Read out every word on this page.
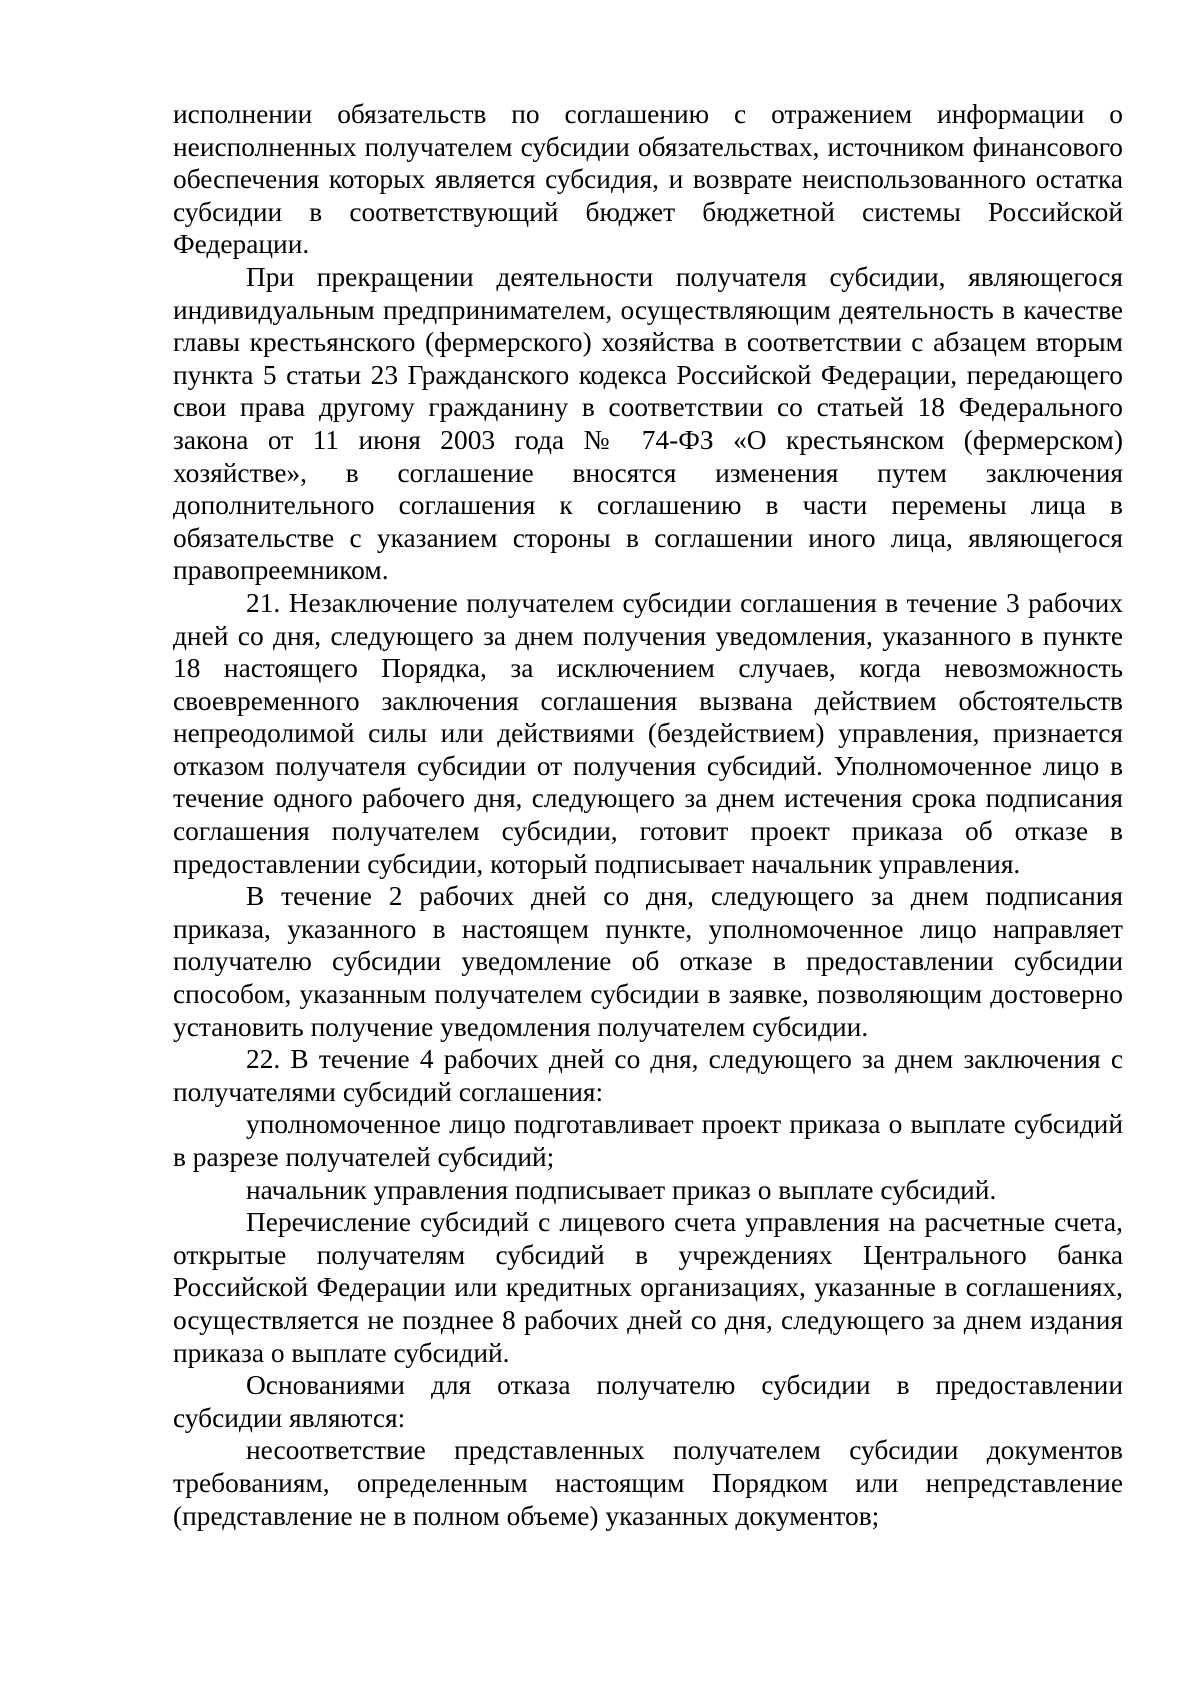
исполнении обязательств по соглашению с отражением информации о неисполненных получателем субсидии обязательствах, источником финансового обеспечения которых является субсидия, и возврате неиспользованного остатка субсидии в соответствующий бюджет бюджетной системы Российской Федерации.

При прекращении деятельности получателя субсидии, являющегося индивидуальным предпринимателем, осуществляющим деятельность в качестве главы крестьянского (фермерского) хозяйства в соответствии с абзацем вторым пункта 5 статьи 23 Гражданского кодекса Российской Федерации, передающего свои права другому гражданину в соответствии со статьей 18 Федерального закона от 11 июня 2003 года № 74-ФЗ «О крестьянском (фермерском) хозяйстве», в соглашение вносятся изменения путем заключения дополнительного соглашения к соглашению в части перемены лица в обязательстве с указанием стороны в соглашении иного лица, являющегося правопреемником.

21. Незаключение получателем субсидии соглашения в течение 3 рабочих дней со дня, следующего за днем получения уведомления, указанного в пункте 18 настоящего Порядка, за исключением случаев, когда невозможность своевременного заключения соглашения вызвана действием обстоятельств непреодолимой силы или действиями (бездействием) управления, признается отказом получателя субсидии от получения субсидий. Уполномоченное лицо в течение одного рабочего дня, следующего за днем истечения срока подписания соглашения получателем субсидии, готовит проект приказа об отказе в предоставлении субсидии, который подписывает начальник управления.

В течение 2 рабочих дней со дня, следующего за днем подписания приказа, указанного в настоящем пункте, уполномоченное лицо направляет получателю субсидии уведомление об отказе в предоставлении субсидии способом, указанным получателем субсидии в заявке, позволяющим достоверно установить получение уведомления получателем субсидии.

22. В течение 4 рабочих дней со дня, следующего за днем заключения с получателями субсидий соглашения:

уполномоченное лицо подготавливает проект приказа о выплате субсидий в разрезе получателей субсидий;

начальник управления подписывает приказ о выплате субсидий.

Перечисление субсидий с лицевого счета управления на расчетные счета, открытые получателям субсидий в учреждениях Центрального банка Российской Федерации или кредитных организациях, указанные в соглашениях, осуществляется не позднее 8 рабочих дней со дня, следующего за днем издания приказа о выплате субсидий.

Основаниями для отказа получателю субсидии в предоставлении субсидии являются:

несоответствие представленных получателем субсидии документов требованиям, определенным настоящим Порядком или непредставление (представление не в полном объеме) указанных документов;
